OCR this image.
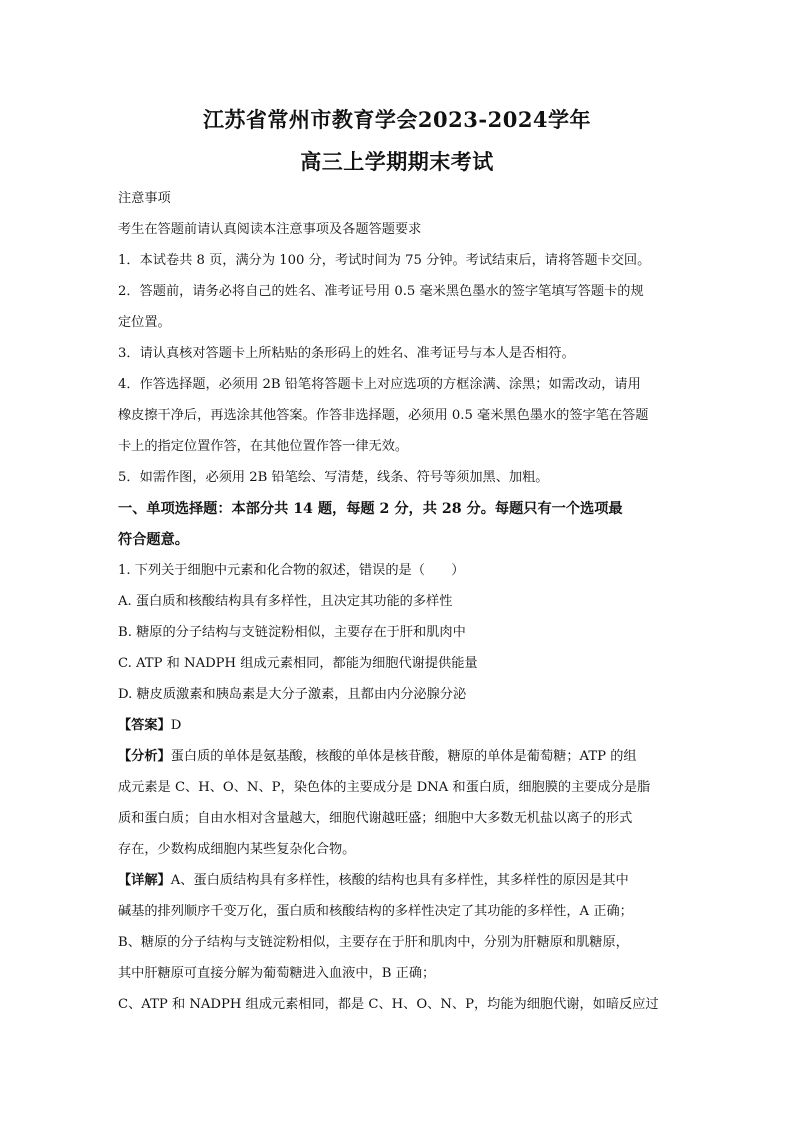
江苏省常州市教育学会2023-2024学年
高三上学期期末考试
注意事项
考生在答题前请认真阅读本注意事项及各题答题要求
1．本试卷共 8 页，满分为 100 分，考试时间为 75 分钟。考试结束后，请将答题卡交回。
2．答题前，请务必将自己的姓名、准考证号用 0.5 毫米黑色墨水的签字笔填写答题卡的规
定位置。
3．请认真核对答题卡上所粘贴的条形码上的姓名、准考证号与本人是否相符。
4．作答选择题，必须用 2B 铅笔将答题卡上对应选项的方框涂满、涂黑；如需改动，请用
橡皮擦干净后，再选涂其他答案。作答非选择题，必须用 0.5 毫米黑色墨水的签字笔在答题
卡上的指定位置作答，在其他位置作答一律无效。
5．如需作图，必须用 2B 铅笔绘、写清楚，线条、符号等须加黑、加粗。
一、单项选择题：本部分共 14 题，每题 2 分，共 28 分。每题只有一个选项最
符合题意。
1. 下列关于细胞中元素和化合物的叙述，错误的是（　　）
A. 蛋白质和核酸结构具有多样性，且决定其功能的多样性
B. 糖原的分子结构与支链淀粉相似，主要存在于肝和肌肉中
C. ATP 和 NADPH 组成元素相同，都能为细胞代谢提供能量
D. 糖皮质激素和胰岛素是大分子激素，且都由内分泌腺分泌
【答案】D
【分析】蛋白质的单体是氨基酸，核酸的单体是核苷酸，糖原的单体是葡萄糖；ATP 的组
成元素是 C、H、O、N、P，染色体的主要成分是 DNA 和蛋白质，细胞膜的主要成分是脂
质和蛋白质；自由水相对含量越大，细胞代谢越旺盛；细胞中大多数无机盐以离子的形式
存在，少数构成细胞内某些复杂化合物。
【详解】A、蛋白质结构具有多样性，核酸的结构也具有多样性，其多样性的原因是其中
碱基的排列顺序千变万化，蛋白质和核酸结构的多样性决定了其功能的多样性，A 正确；
B、糖原的分子结构与支链淀粉相似，主要存在于肝和肌肉中，分别为肝糖原和肌糖原，
其中肝糖原可直接分解为葡萄糖进入血液中，B 正确；
C、ATP 和 NADPH 组成元素相同，都是 C、H、O、N、P，均能为细胞代谢，如暗反应过
